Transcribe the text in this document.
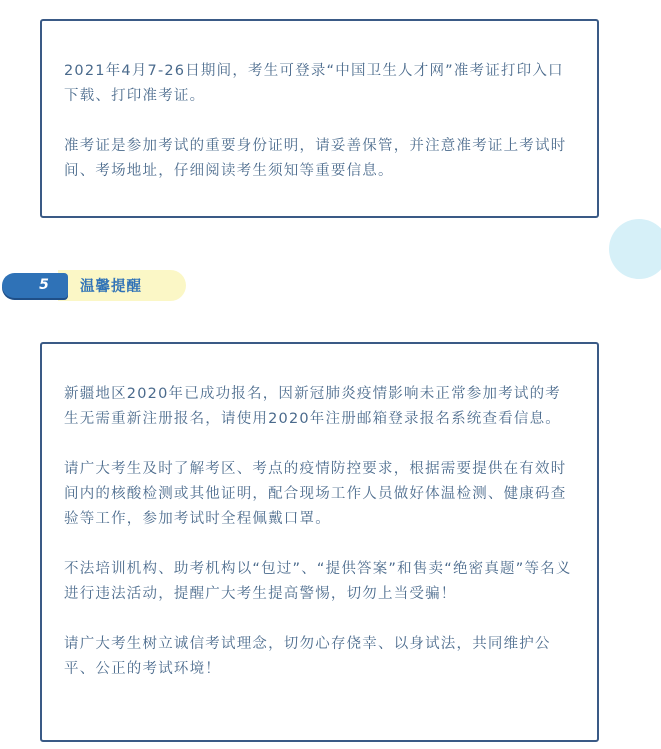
2021年4月7-26日期间，考生可登录“中国卫生人才网”准考证打印入口下载、打印准考证。

准考证是参加考试的重要身份证明，请妥善保管，并注意准考证上考试时间、考场地址，仔细阅读考生须知等重要信息。

5	温馨提醒

新疆地区2020年已成功报名，因新冠肺炎疫情影响未正常参加考试的考生无需重新注册报名，请使用2020年注册邮箱登录报名系统查看信息。

请广大考生及时了解考区、考点的疫情防控要求，根据需要提供在有效时间内的核酸检测或其他证明，配合现场工作人员做好体温检测、健康码查验等工作，参加考试时全程佩戴口罩。

不法培训机构、助考机构以“包过”、“提供答案”和售卖“绝密真题”等名义进行违法活动，提醒广大考生提高警惕，切勿上当受骗！

请广大考生树立诚信考试理念，切勿心存侥幸、以身试法，共同维护公平、公正的考试环境！
